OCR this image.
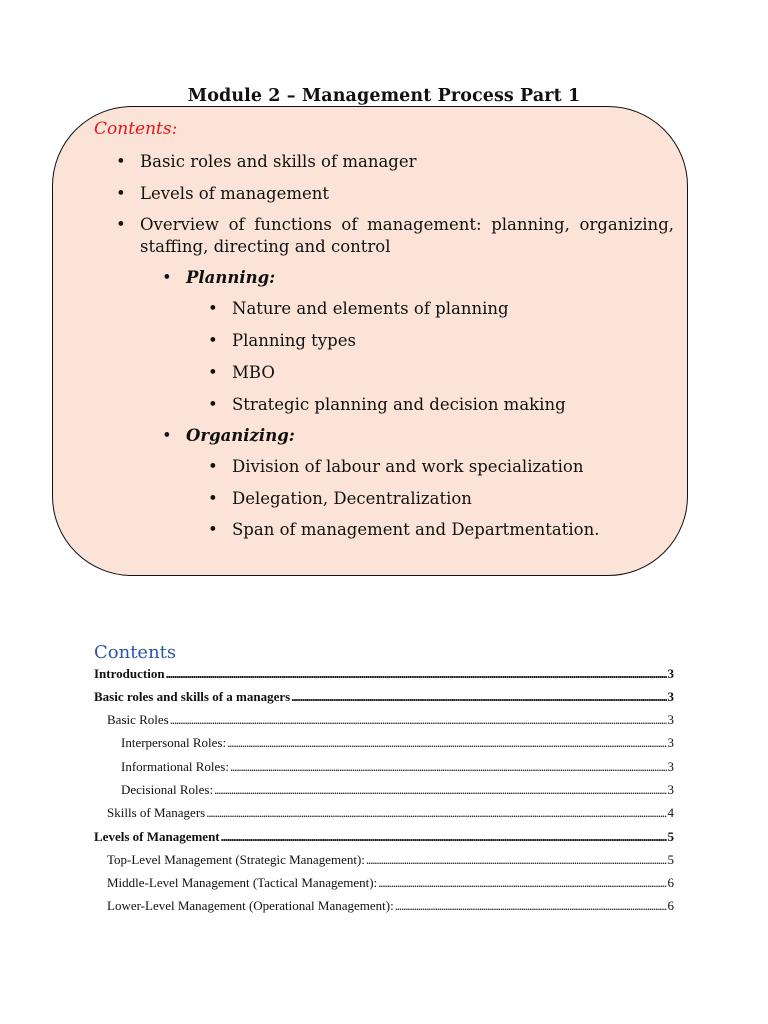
Module 2 – Management Process Part 1
Contents:
• Basic roles and skills of manager
• Levels of management
• Overview of functions of management: planning, organizing, staffing, directing and control
• Planning:
• Nature and elements of planning
• Planning types
• MBO
• Strategic planning and decision making
• Organizing:
• Division of labour and work specialization
• Delegation, Decentralization
• Span of management and Departmentation.
Contents
Introduction . . .	3
Basic roles and skills of a managers . . .	3
Basic Roles . . .	3
Interpersonal Roles: . . .	3
Informational Roles: . . .	3
Decisional Roles: . . .	3
Skills of Managers . . .	4
Levels of Management . . .	5
Top-Level Management (Strategic Management): . . .	5
Middle-Level Management (Tactical Management): . . .	6
Lower-Level Management (Operational Management): . . .	6
